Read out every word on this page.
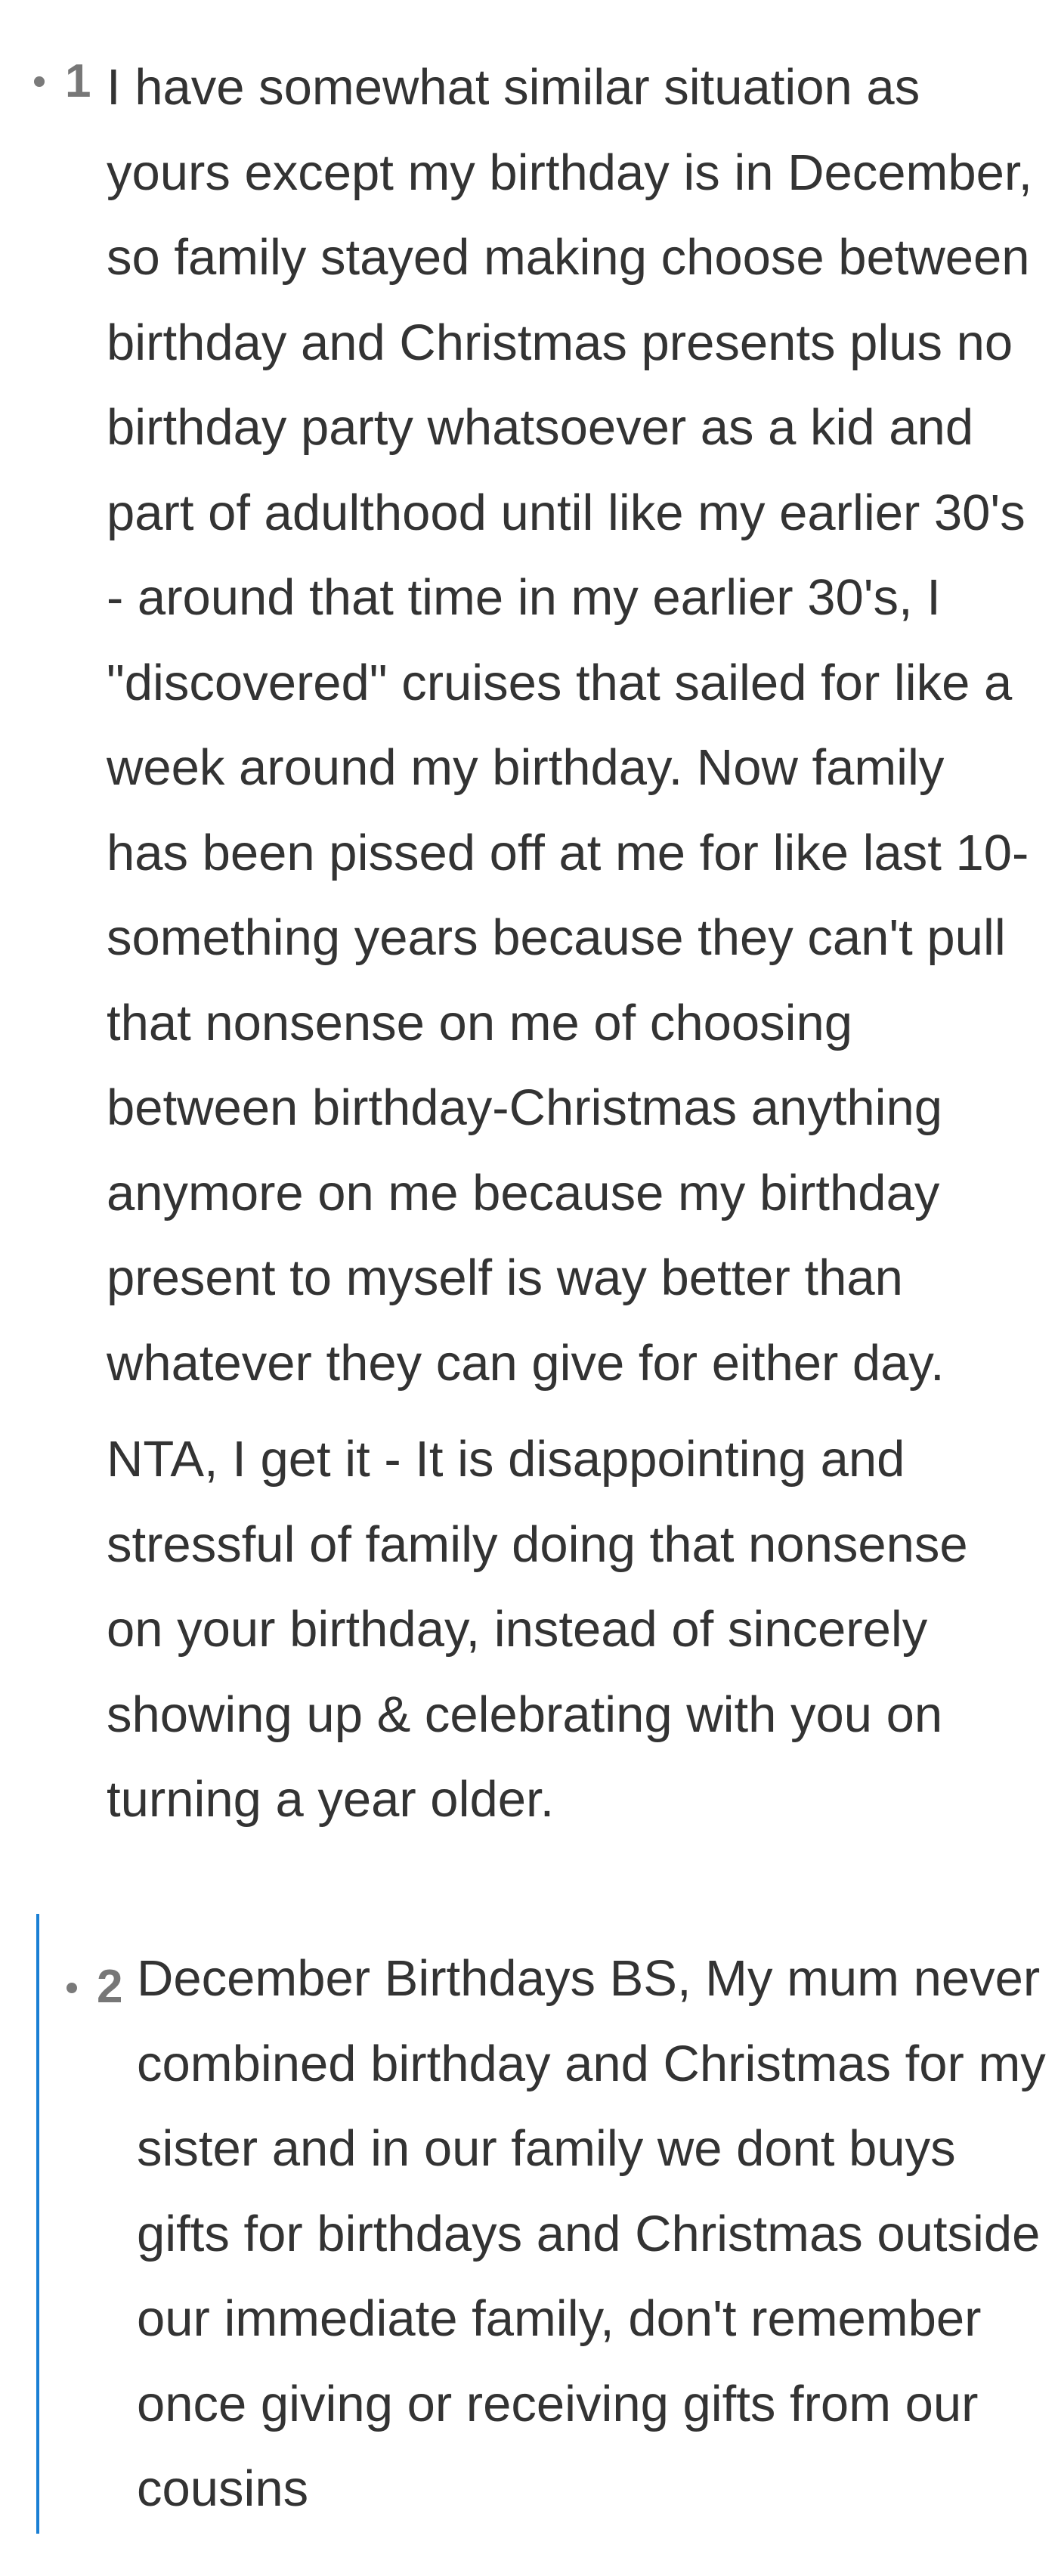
1 I have somewhat similar situation as yours except my birthday is in December, so family stayed making choose between birthday and Christmas presents plus no birthday party whatsoever as a kid and part of adulthood until like my earlier 30's - around that time in my earlier 30's, I "discovered" cruises that sailed for like a week around my birthday. Now family has been pissed off at me for like last 10-something years because they can't pull that nonsense on me of choosing between birthday-Christmas anything anymore on me because my birthday present to myself is way better than whatever they can give for either day.

NTA, I get it - It is disappointing and stressful of family doing that nonsense on your birthday, instead of sincerely showing up & celebrating with you on turning a year older.

2 December Birthdays BS, My mum never combined birthday and Christmas for my sister and in our family we dont buys gifts for birthdays and Christmas outside our immediate family, don't remember once giving or receiving gifts from our cousins
